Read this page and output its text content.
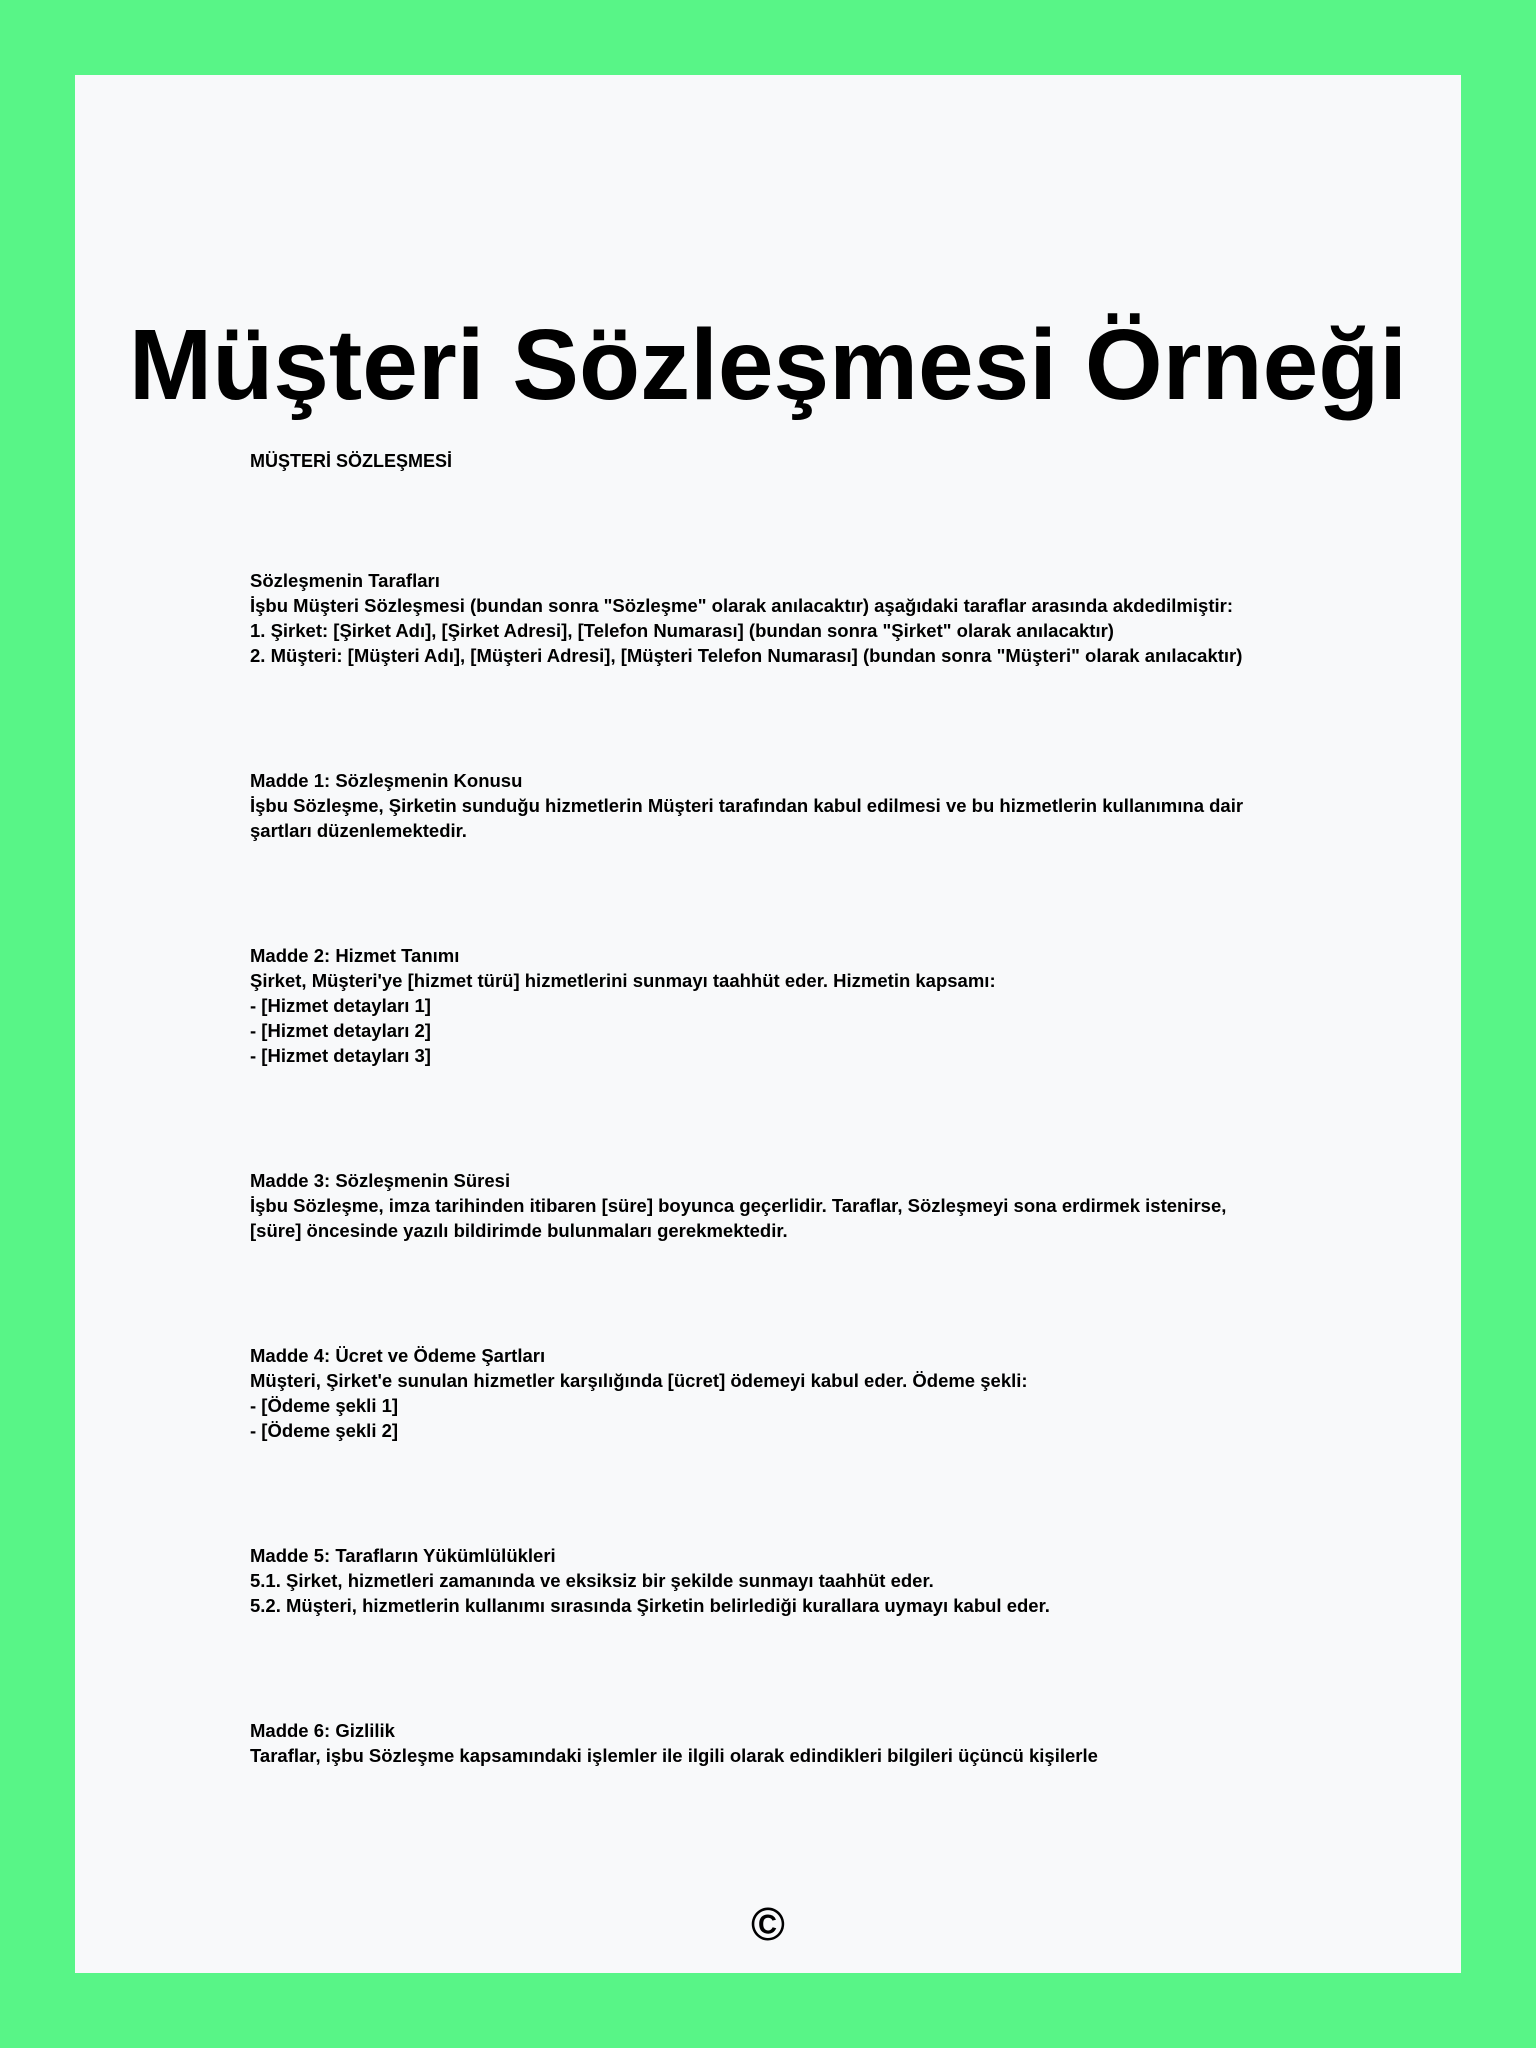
Müşteri Sözleşmesi Örneği

MÜŞTERİ SÖZLEŞMESİ

Sözleşmenin Tarafları

İşbu Müşteri Sözleşmesi (bundan sonra "Sözleşme" olarak anılacaktır) aşağıdaki taraflar arasında akdedilmiştir:

1. Şirket: [Şirket Adı], [Şirket Adresi], [Telefon Numarası] (bundan sonra "Şirket" olarak anılacaktır)

2. Müşteri: [Müşteri Adı], [Müşteri Adresi], [Müşteri Telefon Numarası] (bundan sonra "Müşteri" olarak anılacaktır)

Madde 1: Sözleşmenin Konusu

İşbu Sözleşme, Şirketin sunduğu hizmetlerin Müşteri tarafından kabul edilmesi ve bu hizmetlerin kullanımına dair şartları düzenlemektedir.

Madde 2: Hizmet Tanımı

Şirket, Müşteri'ye [hizmet türü] hizmetlerini sunmayı taahhüt eder. Hizmetin kapsamı:

- [Hizmet detayları 1]

- [Hizmet detayları 2]

- [Hizmet detayları 3]

Madde 3: Sözleşmenin Süresi

İşbu Sözleşme, imza tarihinden itibaren [süre] boyunca geçerlidir. Taraflar, Sözleşmeyi sona erdirmek istenirse, [süre] öncesinde yazılı bildirimde bulunmaları gerekmektedir.

Madde 4: Ücret ve Ödeme Şartları

Müşteri, Şirket'e sunulan hizmetler karşılığında [ücret] ödemeyi kabul eder. Ödeme şekli:

- [Ödeme şekli 1]

- [Ödeme şekli 2]

Madde 5: Tarafların Yükümlülükleri

5.1. Şirket, hizmetleri zamanında ve eksiksiz bir şekilde sunmayı taahhüt eder.

5.2. Müşteri, hizmetlerin kullanımı sırasında Şirketin belirlediği kurallara uymayı kabul eder.

Madde 6: Gizlilik

Taraflar, işbu Sözleşme kapsamındaki işlemler ile ilgili olarak edindikleri bilgileri üçüncü kişilerle

©
